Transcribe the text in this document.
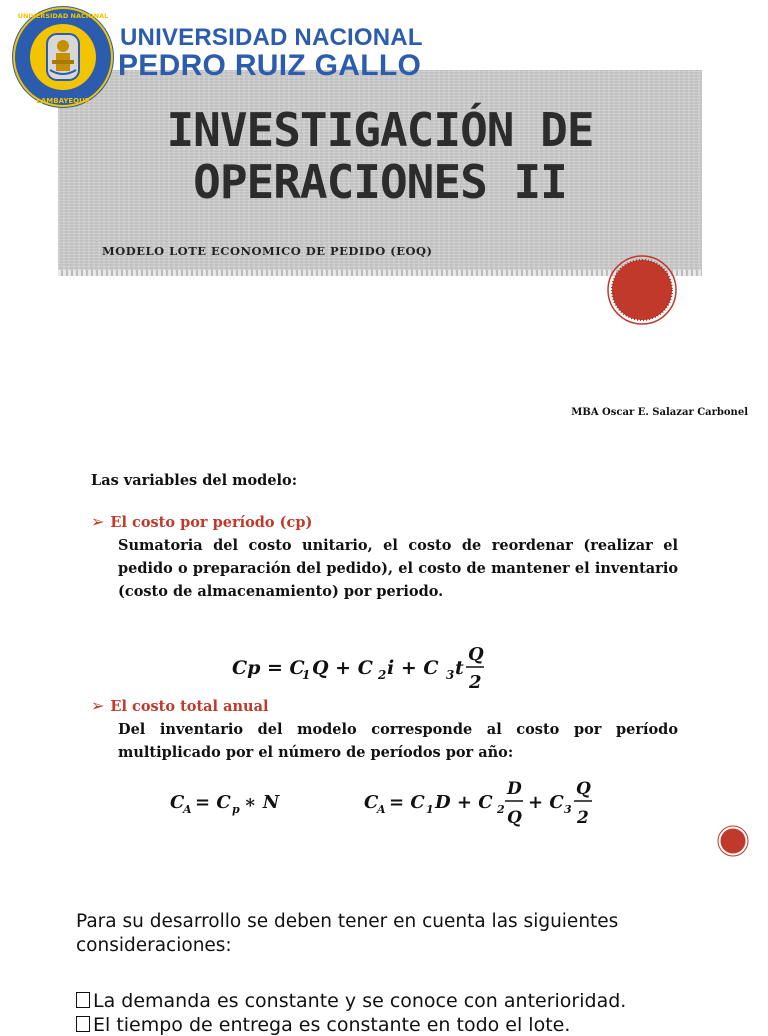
UNIVERSIDAD NACIONAL
LAMBAYEQUE
UNIVERSIDAD NACIONAL
PEDRO RUIZ GALLO
INVESTIGACIÓN DE
OPERACIONES II
MODELO LOTE ECONOMICO DE PEDIDO (EOQ)
MBA Oscar E. Salazar Carbonel
Las variables del modelo:
➢ El costo por período (cp)
Sumatoria del costo unitario, el costo de reordenar (realizar el pedido o preparación del pedido), el costo de mantener el inventario (costo de almacenamiento) por periodo.
Cp = C
1 Q + C 2 i + C 3 t
Q
2
➢ El costo total anual
Del inventario del modelo corresponde al costo por período multiplicado por el número de períodos por año:
C
A = C p ∗ N	C
A = C 1 D + C 2
D
Q
+ C 3
Q
2
Para su desarrollo se deben tener en cuenta las siguientes consideraciones:
La demanda es constante y se conoce con anterioridad.
El tiempo de entrega es constante en todo el lote.
